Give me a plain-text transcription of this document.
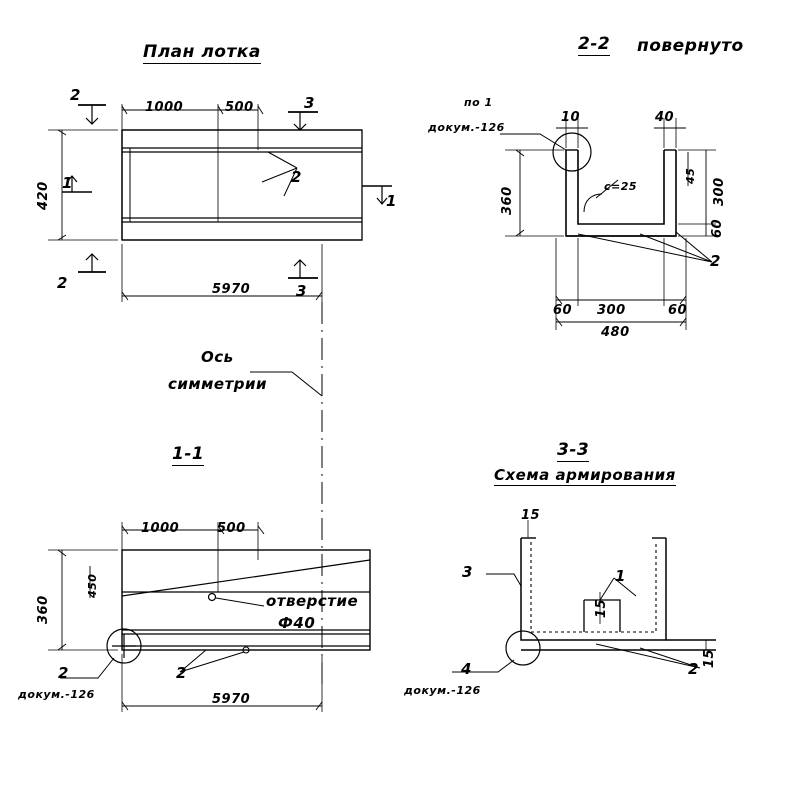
План лотка
1000	500
420
5970
2
2
3
3
2
1
1
Ось
симметрии
2-2 повернуто
по 1
докум.-126
10	40
360	300
60
45
c=25
60 300	60
480
2
1-1
1000	500
360
450
5970
отверстие
Ф40
2	2
докум.-126
3-3
Схема армирования
15
15
15
3	1
4	2
докум.-126
